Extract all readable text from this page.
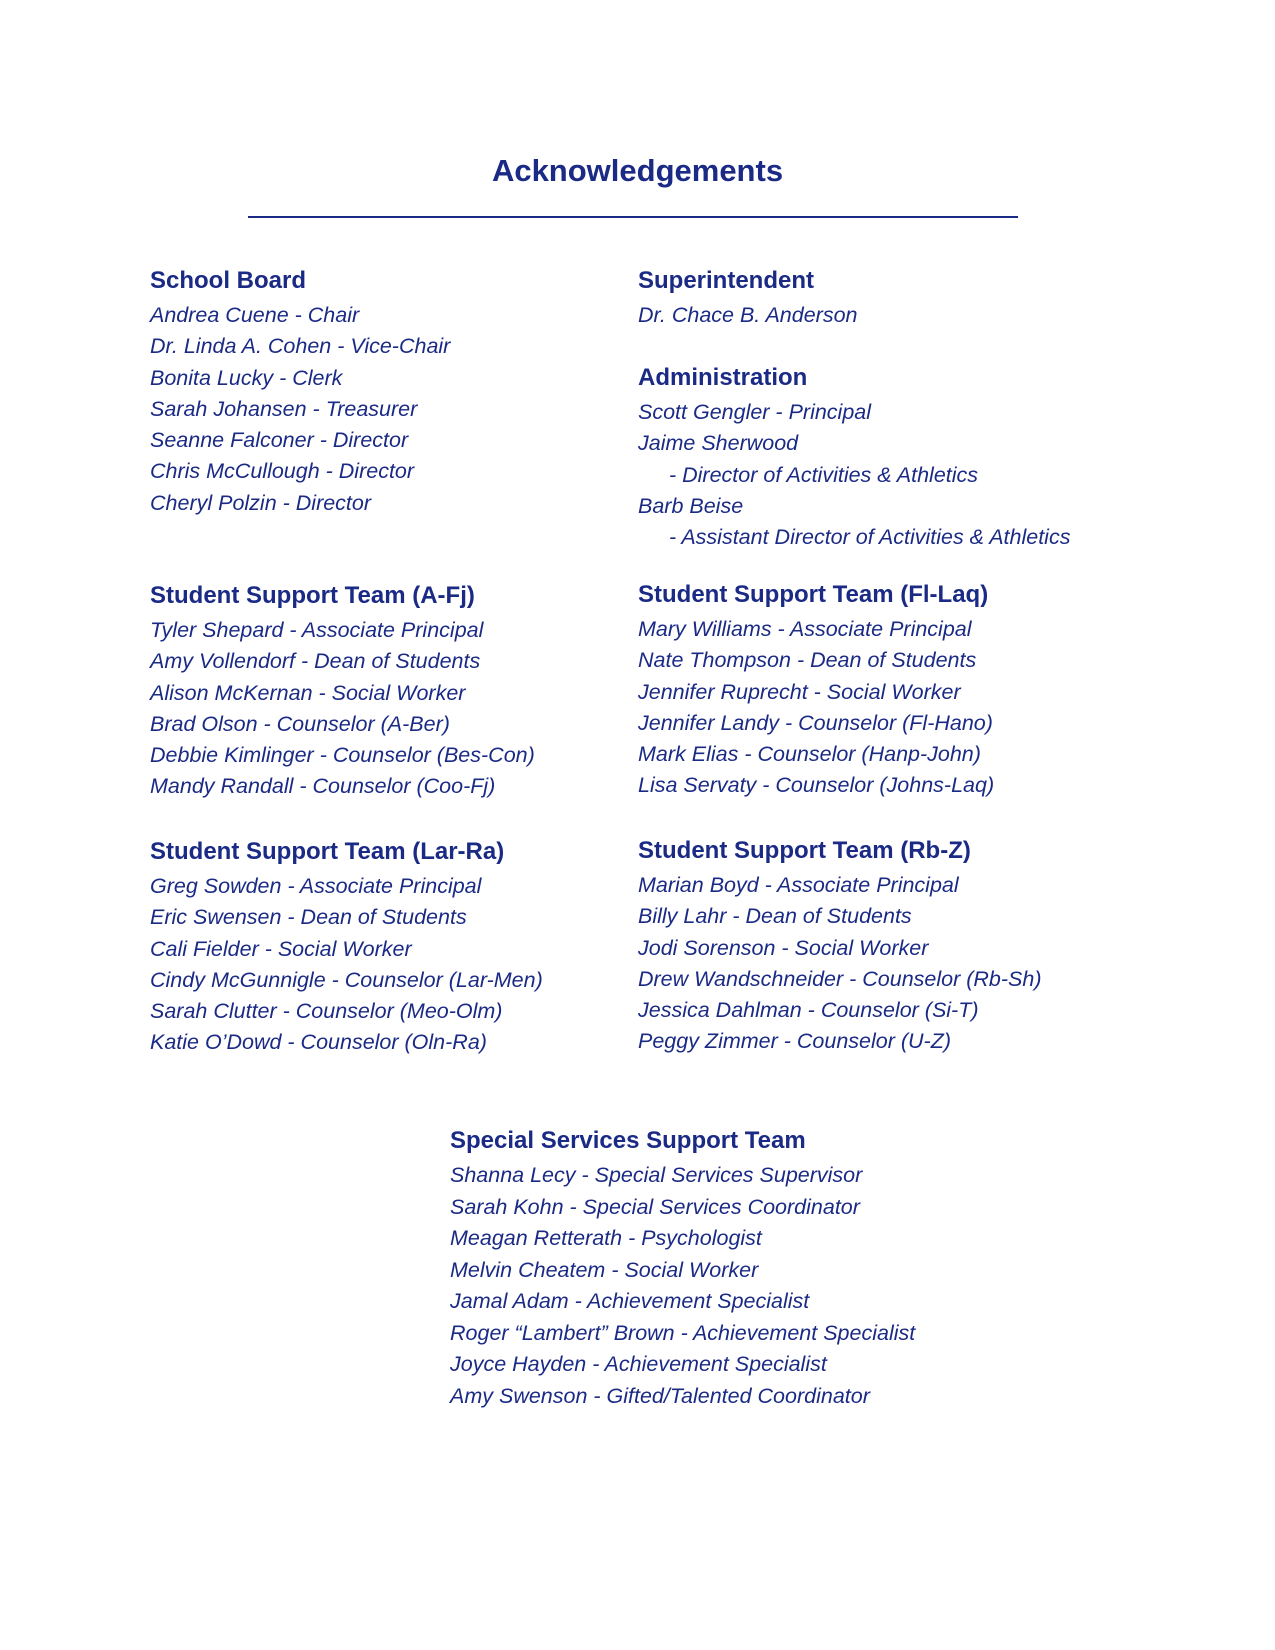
Acknowledgements
School Board
Andrea Cuene - Chair
Dr. Linda A. Cohen - Vice-Chair
Bonita Lucky - Clerk
Sarah Johansen - Treasurer
Seanne Falconer - Director
Chris McCullough - Director
Cheryl Polzin - Director
Superintendent
Dr. Chace B. Anderson
Administration
Scott Gengler - Principal
Jaime Sherwood
- Director of Activities & Athletics
Barb Beise
- Assistant Director of Activities & Athletics
Student Support Team (A-Fj)
Tyler Shepard - Associate Principal
Amy Vollendorf - Dean of Students
Alison McKernan - Social Worker
Brad Olson - Counselor (A-Ber)
Debbie Kimlinger - Counselor (Bes-Con)
Mandy Randall - Counselor (Coo-Fj)
Student Support Team (Fl-Laq)
Mary Williams - Associate Principal
Nate Thompson - Dean of Students
Jennifer Ruprecht - Social Worker
Jennifer Landy - Counselor (Fl-Hano)
Mark Elias - Counselor (Hanp-John)
Lisa Servaty - Counselor (Johns-Laq)
Student Support Team (Lar-Ra)
Greg Sowden - Associate Principal
Eric Swensen - Dean of Students
Cali Fielder - Social Worker
Cindy McGunnigle - Counselor (Lar-Men)
Sarah Clutter - Counselor (Meo-Olm)
Katie O’Dowd - Counselor (Oln-Ra)
Student Support Team (Rb-Z)
Marian Boyd - Associate Principal
Billy Lahr - Dean of Students
Jodi Sorenson - Social Worker
Drew Wandschneider - Counselor (Rb-Sh)
Jessica Dahlman - Counselor (Si-T)
Peggy Zimmer - Counselor (U-Z)
Special Services Support Team
Shanna Lecy - Special Services Supervisor
Sarah Kohn - Special Services Coordinator
Meagan Retterath - Psychologist
Melvin Cheatem - Social Worker
Jamal Adam - Achievement Specialist
Roger “Lambert” Brown - Achievement Specialist
Joyce Hayden - Achievement Specialist
Amy Swenson - Gifted/Talented Coordinator
